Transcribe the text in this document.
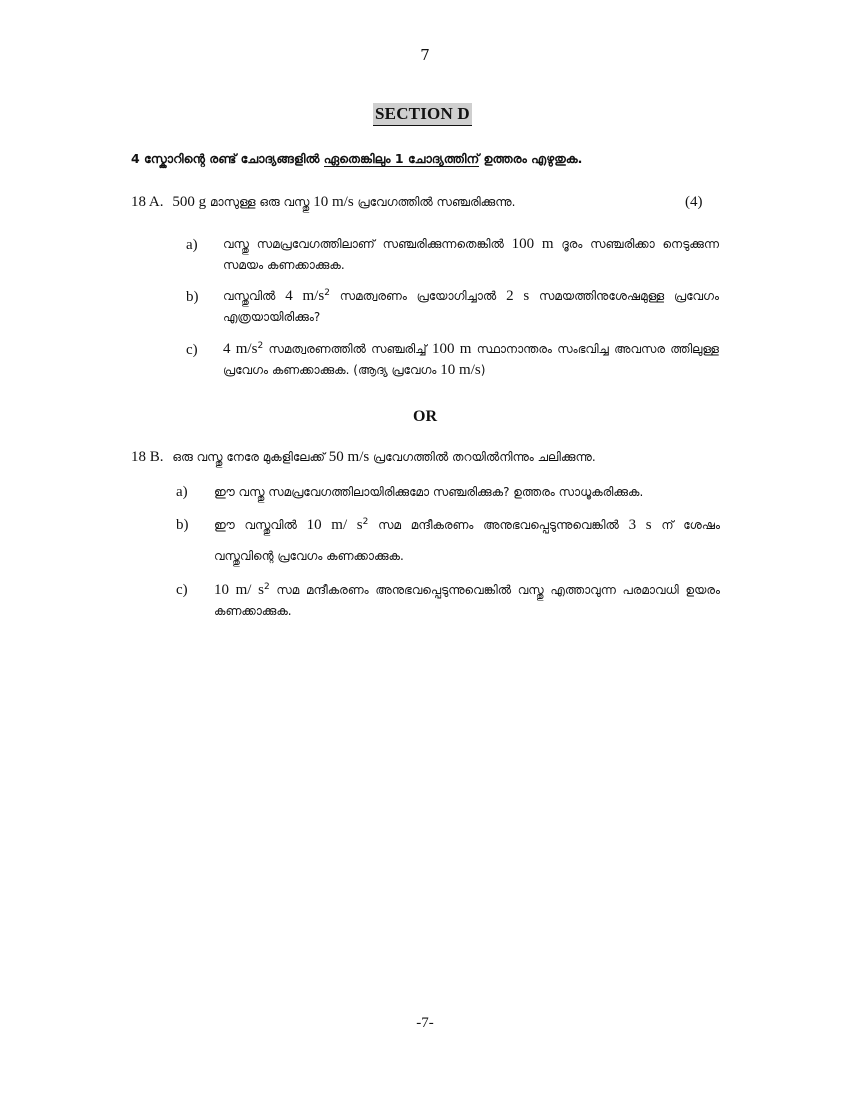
7
SECTION D
4 സ്കോറിന്റെ രണ്ട് ചോദ്യങ്ങളിൽ ഏതെങ്കിലും 1 ചോദ്യത്തിന് ഉത്തരം എഴുതുക.
18 A. 500 g മാസുള്ള ഒരു വസ്തു 10 m/s പ്രവേഗത്തിൽ സഞ്ചരിക്കുന്നു.	(4)
a) വസ്തു സമപ്രവേഗത്തിലാണ് സഞ്ചരിക്കുന്നതെങ്കിൽ 100 m ദൂരം സഞ്ചരിക്കാ നെടുക്കുന്ന സമയം കണക്കാക്കുക.
b) വസ്തുവിൽ 4 $m/s^2$ സമത്വരണം പ്രയോഗിച്ചാൽ 2 s സമയത്തിനുശേഷമുള്ള പ്രവേഗം എത്രയായിരിക്കും?
c) 4 $m/s^2$ സമത്വരണത്തിൽ സഞ്ചരിച്ച് 100 m സ്ഥാനാന്തരം സംഭവിച്ച അവസര ത്തിലുള്ള പ്രവേഗം കണക്കാക്കുക. (ആദ്യ പ്രവേഗം 10 m/s)
OR
18 B. ഒരു വസ്തു നേരേ മുകളിലേക്ക് 50 m/s പ്രവേഗത്തിൽ തറയിൽനിന്നും ചലിക്കുന്നു.
a) ഈ വസ്തു സമപ്രവേഗത്തിലായിരിക്കുമോ സഞ്ചരിക്കുക? ഉത്തരം സാധൂകരിക്കുക.
b) ഈ വസ്തുവിൽ 10 m/ $s^2$ സമ മന്ദീകരണം അനുഭവപ്പെടുന്നുവെങ്കിൽ 3 s ന് ശേഷം
വസ്തുവിന്റെ പ്രവേഗം കണക്കാക്കുക.
c) 10 m/ $s^2$ സമ മന്ദീകരണം അനുഭവപ്പെടുന്നുവെങ്കിൽ വസ്തു എത്താവുന്ന പരമാവധി ഉയരം കണക്കാക്കുക.
-7-
